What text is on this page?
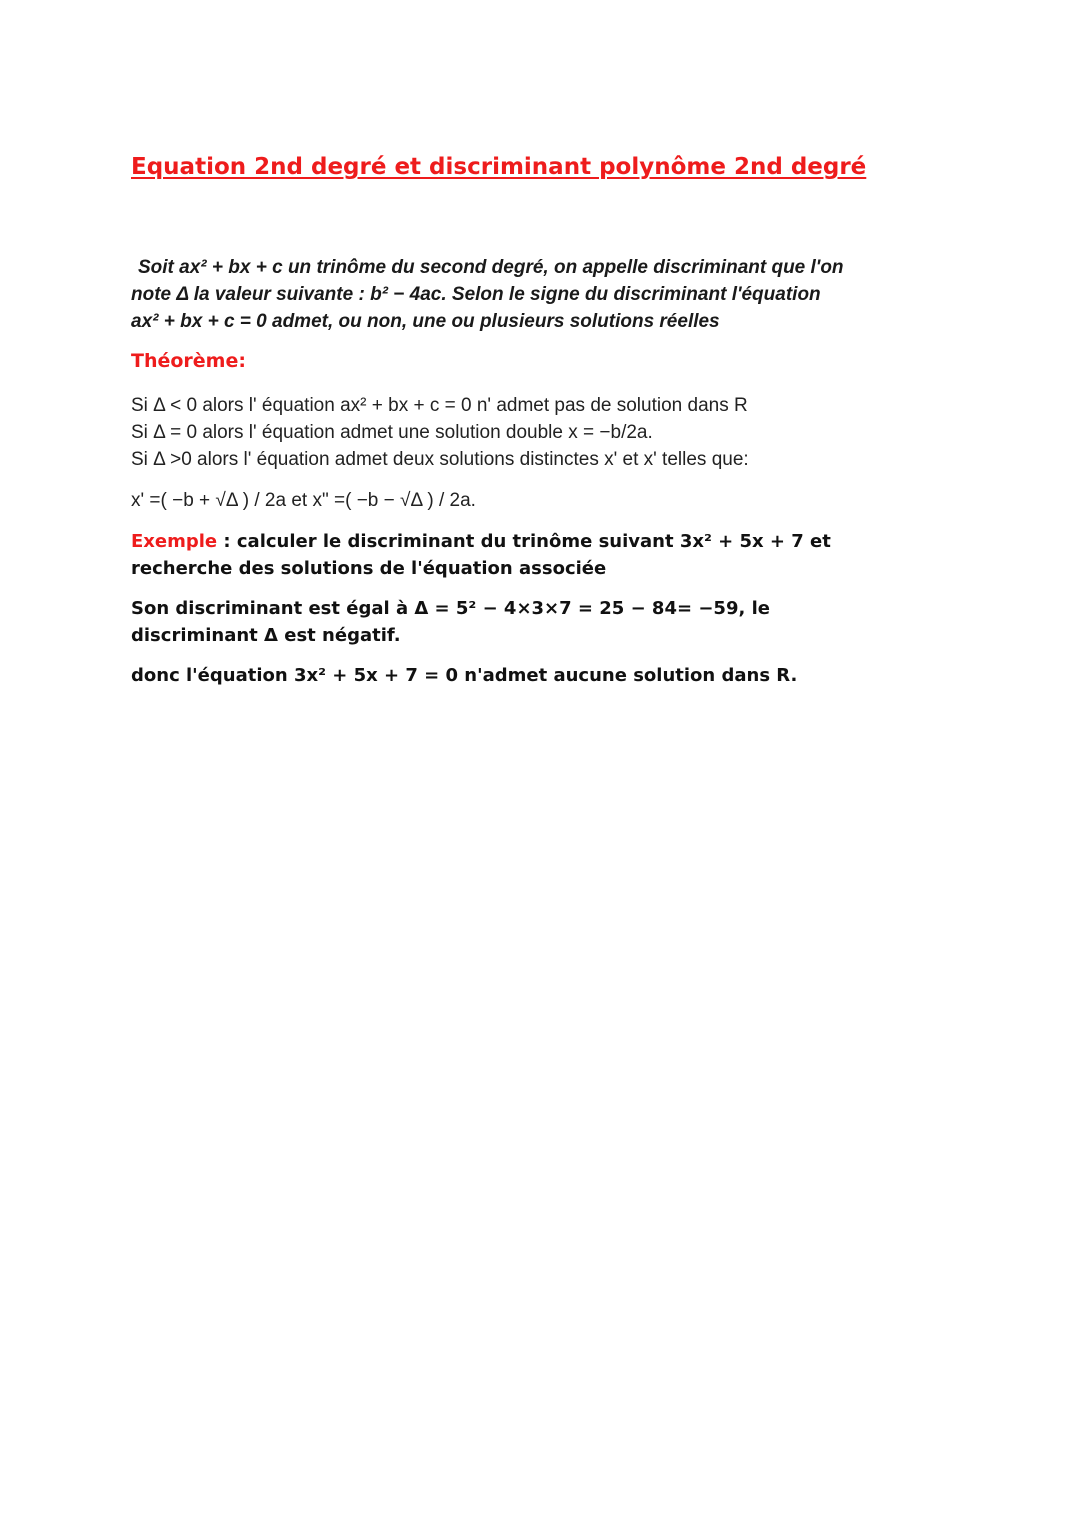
Equation 2nd degré et discriminant polynôme 2nd degré

Soit ax² + bx + c un trinôme du second degré, on appelle discriminant que l'on
note Δ la valeur suivante : b² − 4ac. Selon le signe du discriminant l'équation
ax² + bx + c = 0 admet, ou non, une ou plusieurs solutions réelles

Théorème:

Si Δ < 0 alors l' équation ax² + bx + c = 0 n' admet pas de solution dans R
Si Δ = 0 alors l' équation admet une solution double x = −b/2a.
Si Δ >0 alors l' équation admet deux solutions distinctes x' et x' telles que:

x' =( −b + √Δ ) / 2a et x" =( −b − √Δ ) / 2a.

Exemple : calculer le discriminant du trinôme suivant 3x² + 5x + 7 et
recherche des solutions de l'équation associée

Son discriminant est égal à Δ = 5² − 4×3×7 = 25 − 84= −59, le
discriminant Δ est négatif.

donc l'équation 3x² + 5x + 7 = 0 n'admet aucune solution dans R.
